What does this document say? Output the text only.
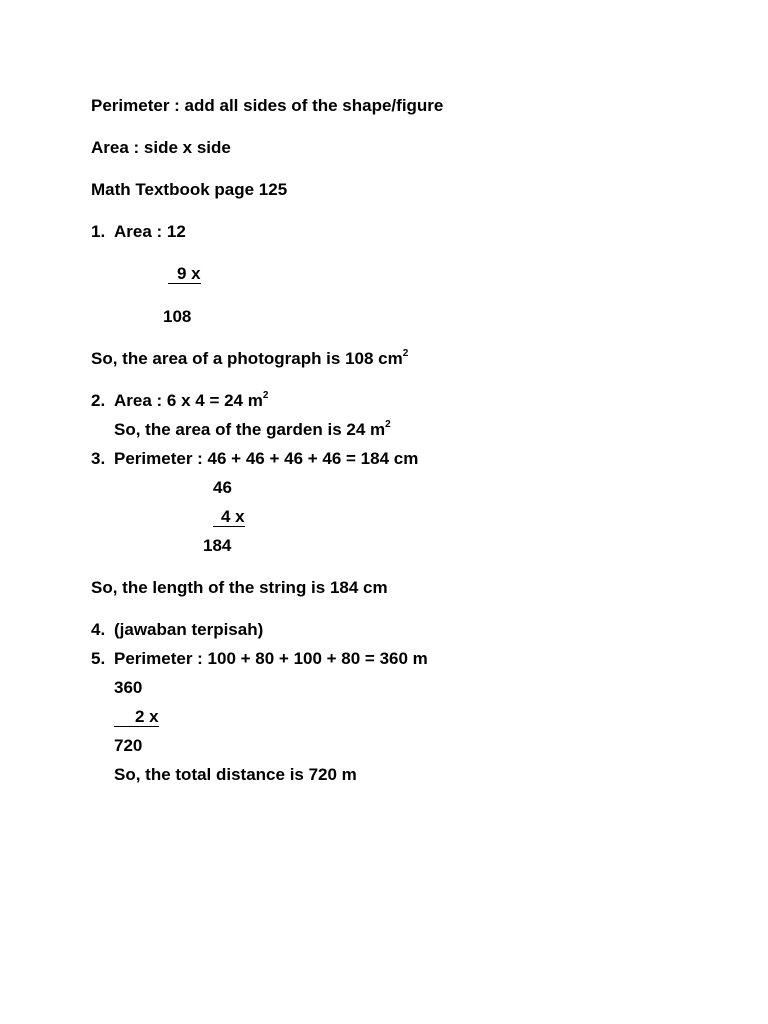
Perimeter : add all sides of the shape/figure
Area : side x side
Math Textbook page 125
1. Area : 12
9 x
108
So, the area of a photograph is 108 $cm^2$
2. Area : 6 x 4 = 24 $m^2$
So, the area of the garden is 24 $m^2$
3. Perimeter : 46 + 46 + 46 + 46 = 184 cm
46
4 x
184
So, the length of the string is 184 cm
4. (jawaban terpisah)
5. Perimeter : 100 + 80 + 100 + 80 = 360 m
360
2 x
720
So, the total distance is 720 m
